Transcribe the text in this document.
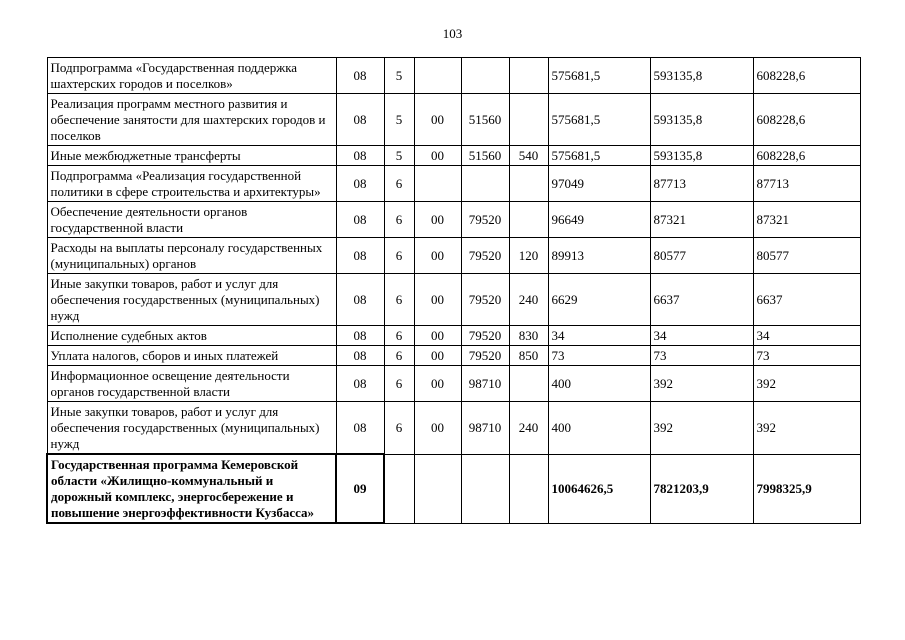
103
Подпрограмма «Государственная поддержка шахтерских городов и поселков»	08	5				575681,5	593135,8	608228,6
Реализация программ местного развития и обеспечение занятости для шахтерских городов и поселков	08	5	00	51560		575681,5	593135,8	608228,6
Иные межбюджетные трансферты	08	5	00	51560	540	575681,5	593135,8	608228,6
Подпрограмма «Реализация государственной политики в сфере строительства и архитектуры»	08	6				97049	87713	87713
Обеспечение деятельности органов государственной власти	08	6	00	79520		96649	87321	87321
Расходы на выплаты персоналу государственных (муниципальных) органов	08	6	00	79520	120	89913	80577	80577
Иные закупки товаров, работ и услуг для обеспечения государственных (муниципальных) нужд	08	6	00	79520	240	6629	6637	6637
Исполнение судебных актов	08	6	00	79520	830	34	34	34
Уплата налогов, сборов и иных платежей	08	6	00	79520	850	73	73	73
Информационное освещение деятельности органов государственной власти	08	6	00	98710		400	392	392
Иные закупки товаров, работ и услуг для обеспечения государственных (муниципальных) нужд	08	6	00	98710	240	400	392	392
Государственная программа Кемеровской области «Жилищно-коммунальный и дорожный комплекс, энергосбережение и повышение энергоэффективности Кузбасса»	09					10064626,5	7821203,9	7998325,9
